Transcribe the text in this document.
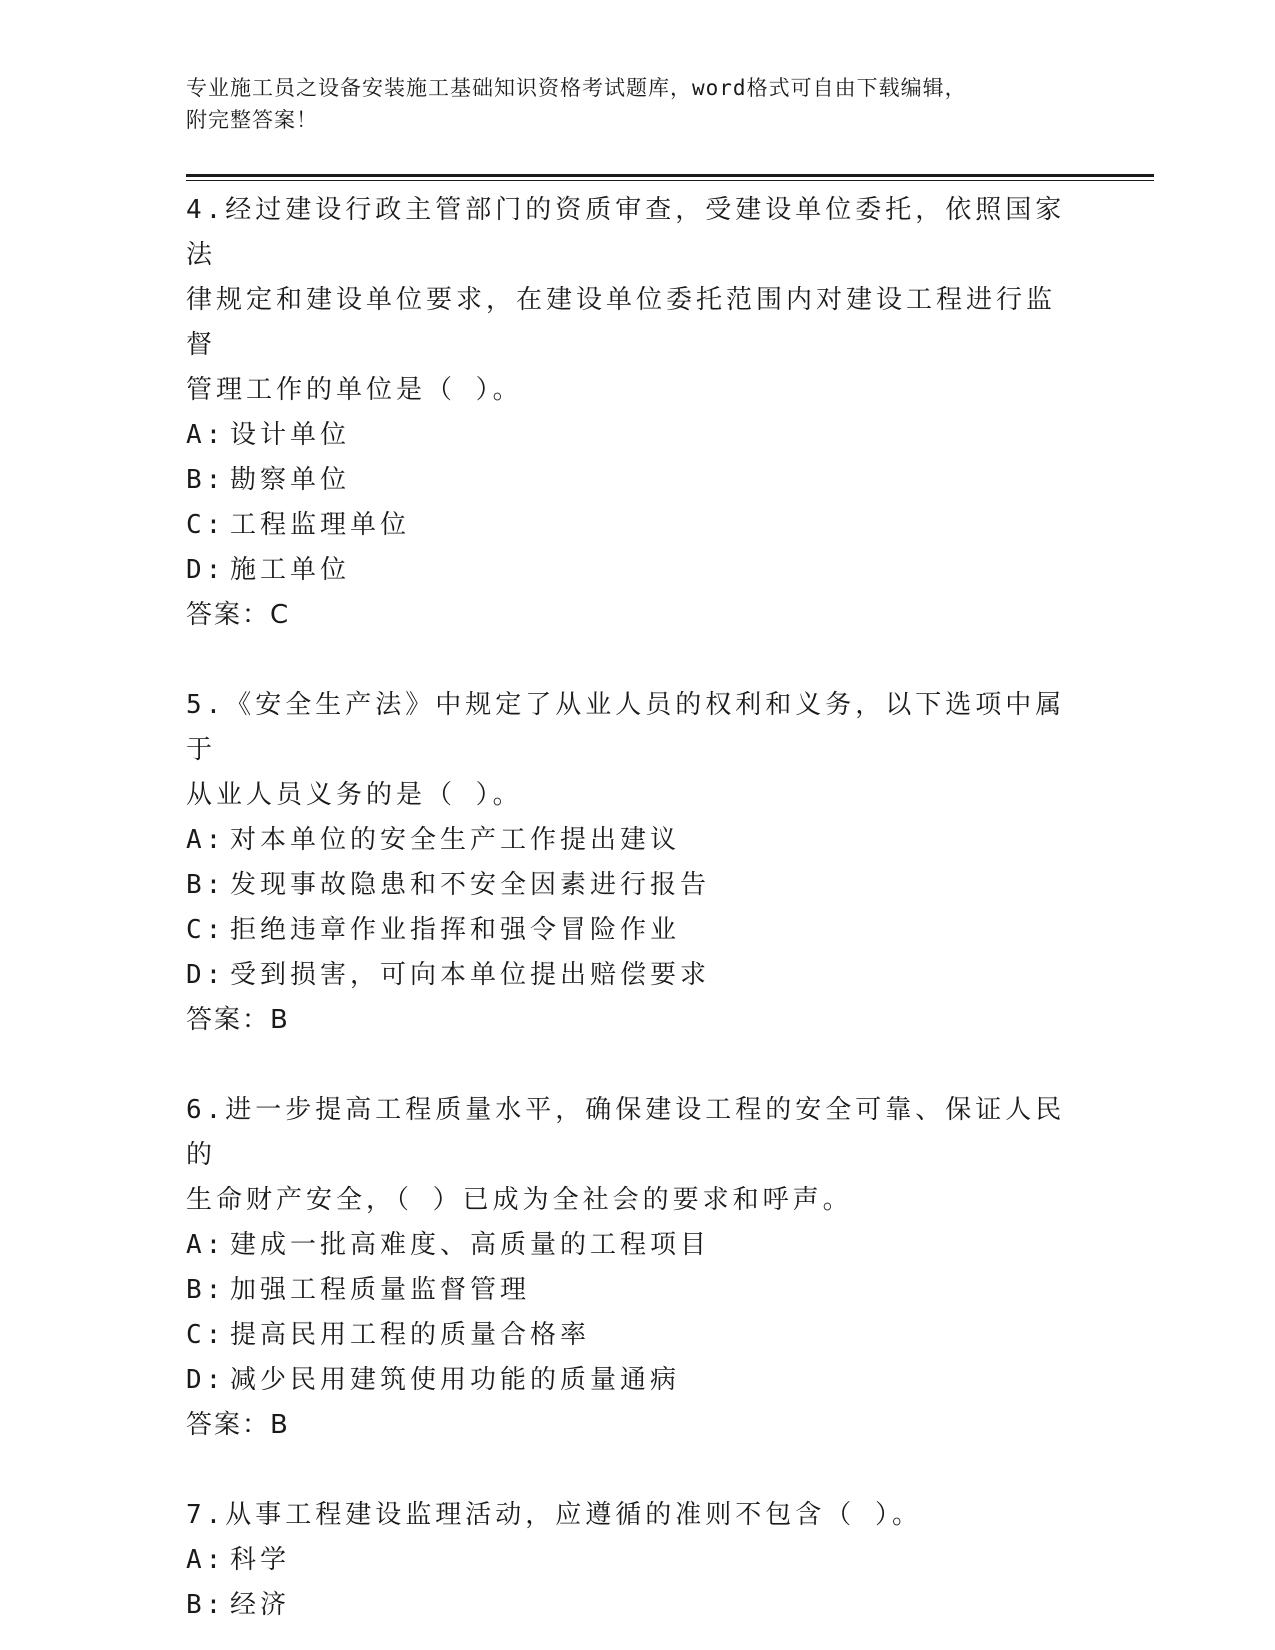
专业施工员之设备安装施工基础知识资格考试题库，word格式可自由下载编辑，
附完整答案！
4.经过建设行政主管部门的资质审查，受建设单位委托，依照国家法
律规定和建设单位要求，在建设单位委托范围内对建设工程进行监督
管理工作的单位是（ ）。
A: 设计单位
B: 勘察单位
C: 工程监理单位
D: 施工单位
答案：C
5.《安全生产法》中规定了从业人员的权利和义务，以下选项中属于
从业人员义务的是（ ）。
A: 对本单位的安全生产工作提出建议
B: 发现事故隐患和不安全因素进行报告
C: 拒绝违章作业指挥和强令冒险作业
D: 受到损害，可向本单位提出赔偿要求
答案：B
6.进一步提高工程质量水平，确保建设工程的安全可靠、保证人民的
生命财产安全，（ ）已成为全社会的要求和呼声。
A: 建成一批高难度、高质量的工程项目
B: 加强工程质量监督管理
C: 提高民用工程的质量合格率
D: 减少民用建筑使用功能的质量通病
答案：B
7.从事工程建设监理活动，应遵循的准则不包含（ ）。
A: 科学
B: 经济
